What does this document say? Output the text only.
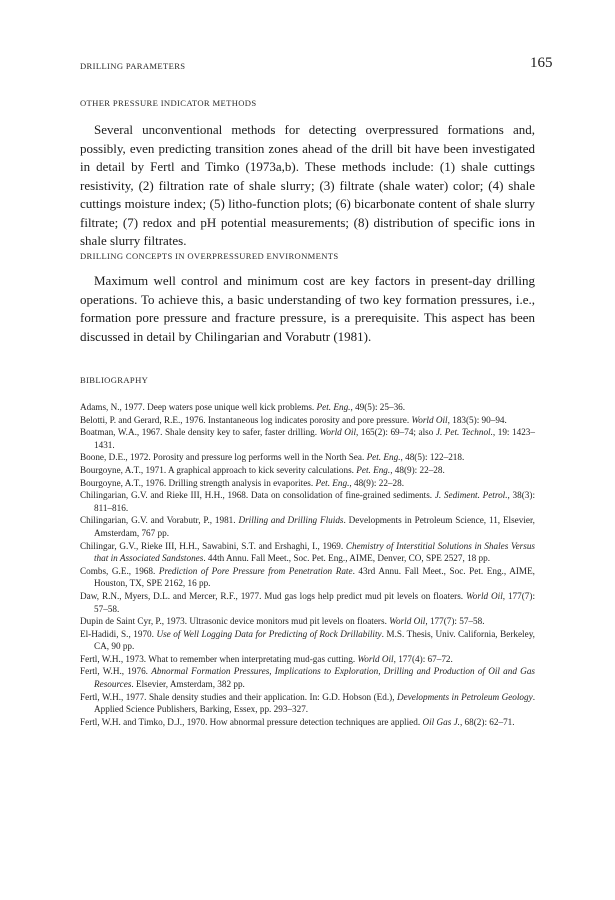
DRILLING PARAMETERS	165
OTHER PRESSURE INDICATOR METHODS

Several unconventional methods for detecting overpressured formations and, possibly, even predicting transition zones ahead of the drill bit have been investigated in detail by Fertl and Timko (1973a,b). These methods include: (1) shale cuttings resistivity, (2) filtration rate of shale slurry; (3) filtrate (shale water) color; (4) shale cuttings moisture index; (5) litho-function plots; (6) bicarbonate content of shale slurry filtrate; (7) redox and pH potential measurements; (8) distribution of specific ions in shale slurry filtrates.

DRILLING CONCEPTS IN OVERPRESSURED ENVIRONMENTS

Maximum well control and minimum cost are key factors in present-day drilling operations. To achieve this, a basic understanding of two key formation pressures, i.e., formation pore pressure and fracture pressure, is a prerequisite. This aspect has been discussed in detail by Chilingarian and Vorabutr (1981).

BIBLIOGRAPHY
Adams, N., 1977. Deep waters pose unique well kick problems. Pet. Eng., 49(5): 25–36.
Belotti, P. and Gerard, R.E., 1976. Instantaneous log indicates porosity and pore pressure. World Oil, 183(5): 90–94.
Boatman, W.A., 1967. Shale density key to safer, faster drilling. World Oil, 165(2): 69–74; also J. Pet. Technol., 19: 1423–1431.
Boone, D.E., 1972. Porosity and pressure log performs well in the North Sea. Pet. Eng., 48(5): 122–218.
Bourgoyne, A.T., 1971. A graphical approach to kick severity calculations. Pet. Eng., 48(9): 22–28.
Bourgoyne, A.T., 1976. Drilling strength analysis in evaporites. Pet. Eng., 48(9): 22–28.
Chilingarian, G.V. and Rieke III, H.H., 1968. Data on consolidation of fine-grained sediments. J. Sediment. Petrol., 38(3): 811–816.
Chilingarian, G.V. and Vorabutr, P., 1981. Drilling and Drilling Fluids. Developments in Petroleum Science, 11, Elsevier, Amsterdam, 767 pp.
Chilingar, G.V., Rieke III, H.H., Sawabini, S.T. and Ershaghi, I., 1969. Chemistry of Interstitial Solutions in Shales Versus that in Associated Sandstones. 44th Annu. Fall Meet., Soc. Pet. Eng., AIME, Denver, CO, SPE 2527, 18 pp.
Combs, G.E., 1968. Prediction of Pore Pressure from Penetration Rate. 43rd Annu. Fall Meet., Soc. Pet. Eng., AIME, Houston, TX, SPE 2162, 16 pp.
Daw, R.N., Myers, D.L. and Mercer, R.F., 1977. Mud gas logs help predict mud pit levels on floaters. World Oil, 177(7): 57–58.
Dupin de Saint Cyr, P., 1973. Ultrasonic device monitors mud pit levels on floaters. World Oil, 177(7): 57–58.
El-Hadidi, S., 1970. Use of Well Logging Data for Predicting of Rock Drillability. M.S. Thesis, Univ. California, Berkeley, CA, 90 pp.
Fertl, W.H., 1973. What to remember when interpretating mud-gas cutting. World Oil, 177(4): 67–72.
Fertl, W.H., 1976. Abnormal Formation Pressures, Implications to Exploration, Drilling and Production of Oil and Gas Resources. Elsevier, Amsterdam, 382 pp.
Fertl, W.H., 1977. Shale density studies and their application. In: G.D. Hobson (Ed.), Developments in Petroleum Geology. Applied Science Publishers, Barking, Essex, pp. 293–327.
Fertl, W.H. and Timko, D.J., 1970. How abnormal pressure detection techniques are applied. Oil Gas J., 68(2): 62–71.
